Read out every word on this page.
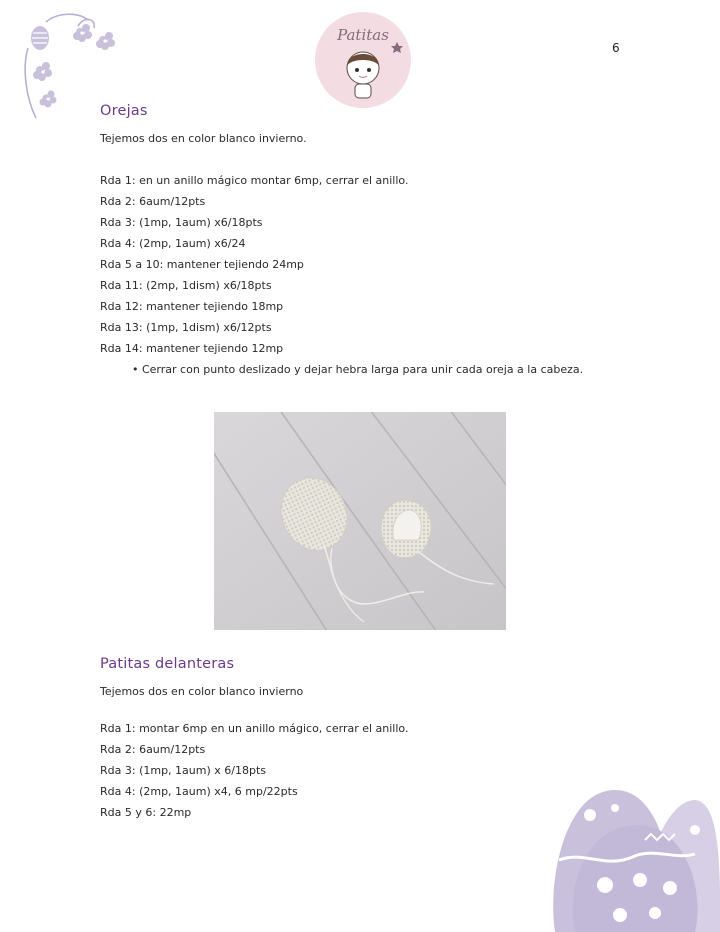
Patitas
6
Orejas

Tejemos dos en color blanco invierno.

Rda 1: en un anillo mágico montar 6mp, cerrar el anillo.

Rda 2: 6aum/12pts

Rda 3: (1mp, 1aum) x6/18pts

Rda 4: (2mp, 1aum) x6/24

Rda 5 a 10: mantener tejiendo 24mp

Rda 11: (2mp, 1dism) x6/18pts

Rda 12: mantener tejiendo 18mp

Rda 13: (1mp, 1dism) x6/12pts

Rda 14: mantener tejiendo 12mp

• Cerrar con punto deslizado y dejar hebra larga para unir cada oreja a la cabeza.

Patitas delanteras

Tejemos dos en color blanco invierno

Rda 1: montar 6mp en un anillo mágico, cerrar el anillo.

Rda 2: 6aum/12pts

Rda 3: (1mp, 1aum) x 6/18pts

Rda 4: (2mp, 1aum) x4, 6 mp/22pts

Rda 5 y 6: 22mp
